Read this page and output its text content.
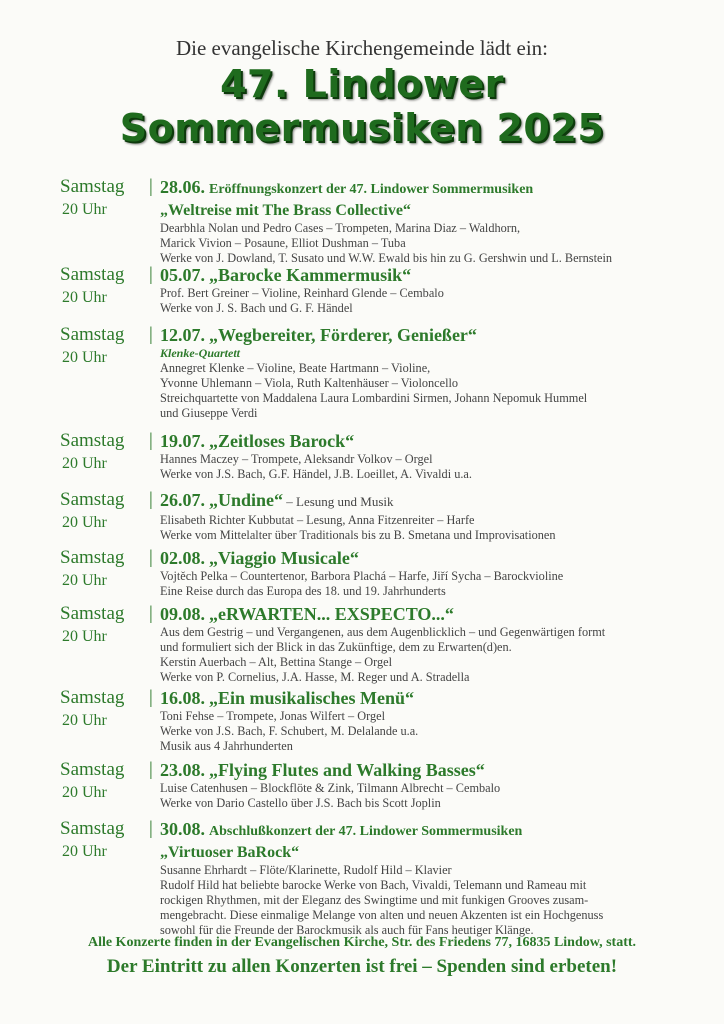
Die evangelische Kirchengemeinde lädt ein:
47. Lindower
Sommermusiken 2025
Samstag	|
20 Uhr
28.06. Eröffnungskonzert der 47. Lindower Sommermusiken
„Weltreise mit The Brass Collective“
Dearbhla Nolan und Pedro Cases – Trompeten, Marina Diaz – Waldhorn,
Marick Vivion – Posaune, Elliot Dushman – Tuba
Werke von J. Dowland, T. Susato und W.W. Ewald bis hin zu G. Gershwin und L. Bernstein
Samstag	|
20 Uhr
05.07. „Barocke Kammermusik“
Prof. Bert Greiner – Violine, Reinhard Glende – Cembalo
Werke von J. S. Bach und G. F. Händel
Samstag	|
20 Uhr
12.07. „Wegbereiter, Förderer, Genießer“
Klenke-Quartett
Annegret Klenke – Violine, Beate Hartmann – Violine,
Yvonne Uhlemann – Viola, Ruth Kaltenhäuser – Violoncello
Streichquartette von Maddalena Laura Lombardini Sirmen, Johann Nepomuk Hummel
und Giuseppe Verdi
Samstag	|
20 Uhr
19.07. „Zeitloses Barock“
Hannes Maczey – Trompete, Aleksandr Volkov – Orgel
Werke von J.S. Bach, G.F. Händel, J.B. Loeillet, A. Vivaldi u.a.
Samstag	|
20 Uhr
26.07. „Undine“ – Lesung und Musik
Elisabeth Richter Kubbutat – Lesung, Anna Fitzenreiter – Harfe
Werke vom Mittelalter über Traditionals bis zu B. Smetana und Improvisationen
Samstag	|
20 Uhr
02.08. „Viaggio Musicale“
Vojtěch Pelka – Countertenor, Barbora Plachá – Harfe, Jiří Sycha – Barockvioline
Eine Reise durch das Europa des 18. und 19. Jahrhunderts
Samstag	|
20 Uhr
09.08. „eRWARTEN... EXSPECTO...“
Aus dem Gestrig – und Vergangenen, aus dem Augenblicklich – und Gegenwärtigen formt
und formuliert sich der Blick in das Zukünftige, dem zu Erwarten(d)en.
Kerstin Auerbach – Alt, Bettina Stange – Orgel
Werke von P. Cornelius, J.A. Hasse, M. Reger und A. Stradella
Samstag	|
20 Uhr
16.08. „Ein musikalisches Menü“
Toni Fehse – Trompete, Jonas Wilfert – Orgel
Werke von J.S. Bach, F. Schubert, M. Delalande u.a.
Musik aus 4 Jahrhunderten
Samstag	|
20 Uhr
23.08. „Flying Flutes and Walking Basses“
Luise Catenhusen – Blockflöte & Zink, Tilmann Albrecht – Cembalo
Werke von Dario Castello über J.S. Bach bis Scott Joplin
Samstag	|
20 Uhr
30.08. Abschlußkonzert der 47. Lindower Sommermusiken
„Virtuoser BaRock“
Susanne Ehrhardt – Flöte/Klarinette, Rudolf Hild – Klavier
Rudolf Hild hat beliebte barocke Werke von Bach, Vivaldi, Telemann und Rameau mit
rockigen Rhythmen, mit der Eleganz des Swingtime und mit funkigen Grooves zusam-
mengebracht. Diese einmalige Melange von alten und neuen Akzenten ist ein Hochgenuss
sowohl für die Freunde der Barockmusik als auch für Fans heutiger Klänge.
Alle Konzerte finden in der Evangelischen Kirche, Str. des Friedens 77, 16835 Lindow, statt.
Der Eintritt zu allen Konzerten ist frei – Spenden sind erbeten!
